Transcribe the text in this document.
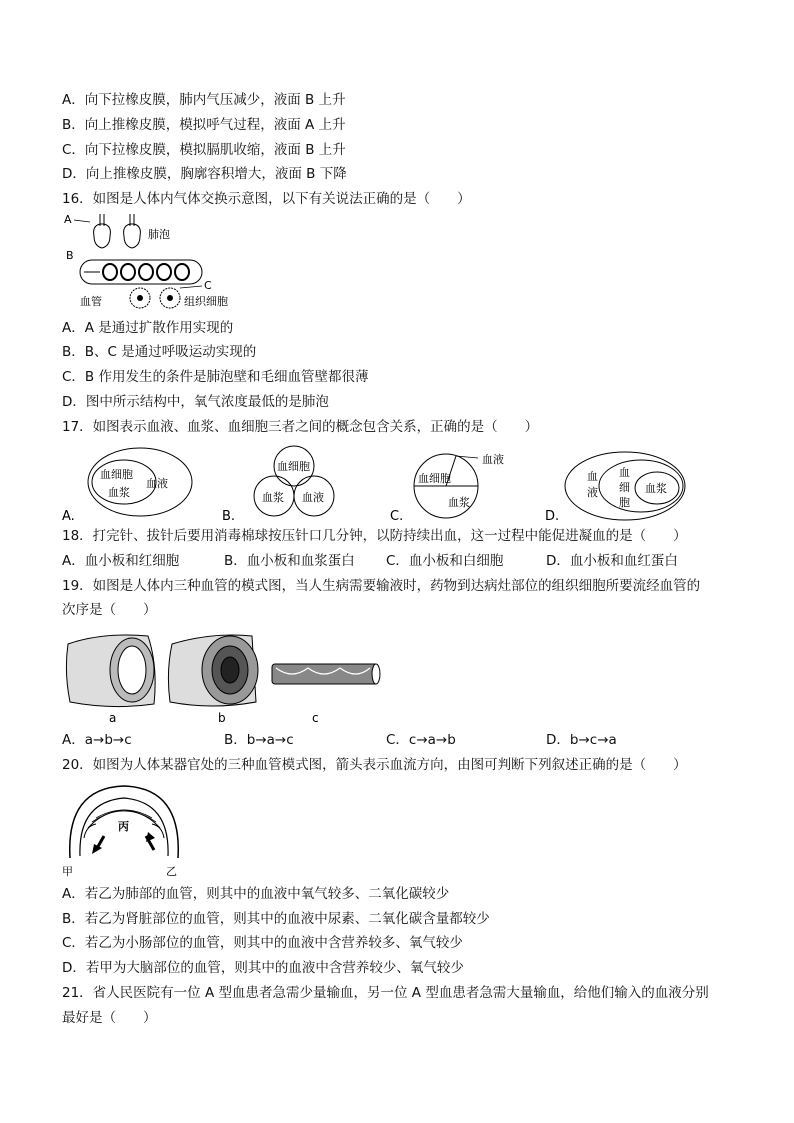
A．向下拉橡皮膜，肺内气压减少，液面 B 上升
B．向上推橡皮膜，模拟呼气过程，液面 A 上升
C．向下拉橡皮膜，模拟膈肌收缩，液面 B 上升
D．向上推橡皮膜，胸廓容积增大，液面 B 下降
16．如图是人体内气体交换示意图，以下有关说法正确的是（　　）
A
B
肺泡
C
血管	组织细胞
A．A 是通过扩散作用实现的
B．B、C 是通过呼吸运动实现的
C．B 作用发生的条件是肺泡壁和毛细血管壁都很薄
D．图中所示结构中，氧气浓度最低的是肺泡
17．如图表示血液、血浆、血细胞三者之间的概念包含关系，正确的是（　　）
血液
血细胞
血浆
A.
血细胞
血浆 血液
B.
血液
血细胞
血浆
C.
血
液
血
细
胞
血浆
D.
18．打完针、拔针后要用消毒棉球按压针口几分钟，以防持续出血，这一过程中能促进凝血的是（　　）
A．血小板和红细胞	B．血小板和血浆蛋白 C．血小板和白细胞	D．血小板和血红蛋白
19．如图是人体内三种血管的模式图，当人生病需要输液时，药物到达病灶部位的组织细胞所要流经血管的
次序是（　　）
a	b	c
A．a→b→c	B．b→a→c	C．c→a→b	D．b→c→a
20．如图为人体某器官处的三种血管模式图，箭头表示血流方向，由图可判断下列叙述正确的是（　　）
丙
甲	乙
A．若乙为肺部的血管，则其中的血液中氧气较多、二氧化碳较少
B．若乙为肾脏部位的血管，则其中的血液中尿素、二氧化碳含量都较少
C．若乙为小肠部位的血管，则其中的血液中含营养较多、氧气较少
D．若甲为大脑部位的血管，则其中的血液中含营养较少、氧气较少
21．省人民医院有一位 A 型血患者急需少量输血，另一位 A 型血患者急需大量输血，给他们输入的血液分别
最好是（　　）
